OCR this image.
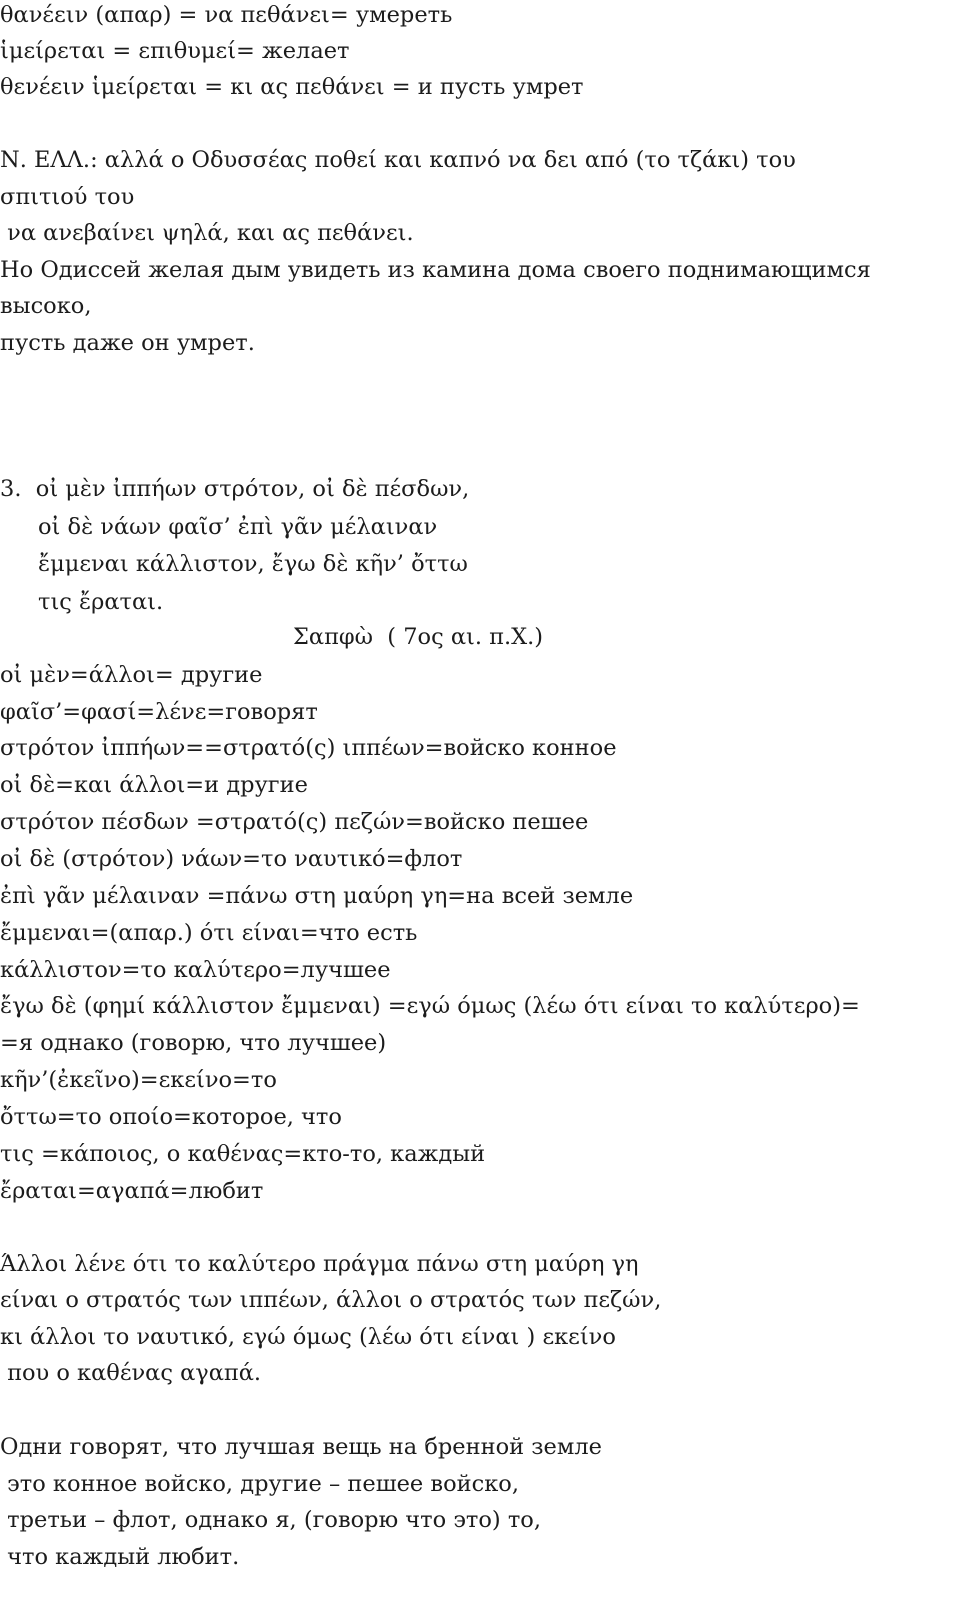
θανέειν (απαρ) = να πεθάνει= умереть
ἱμείρεται = επιθυμεί= желает
θενέειν ἱμείρεται = κι ας πεθάνει = и пусть умрет
Ν. ΕΛΛ.: αλλά ο Οδυσσέας ποθεί και καπνό να δει από (το τζάκι) του
σπιτιού του
να ανεβαίνει ψηλά, και ας πεθάνει.
Но Одиссей желая дым увидеть из камина дома своего поднимающимся
высоко,
пусть даже он умрет.
3.  οἰ μὲν ἰππήων στρότον, οἰ δὲ πέσδων,
οἰ δὲ νάων φαῖσ’ ἐπὶ γᾶν μέλαιναν
ἔμμεναι κάλλιστον, ἔγω δὲ κῆν’ ὄττω
τις ἔραται.
Σαπφὼ  ( 7ος αι. π.Χ.)
οἰ μὲν=άλλοι= другие
φαῖσ’=φασί=λένε=говорят
στρότον ἰππήων==στρατό(ς) ιππέων=войско конное
οἰ δὲ=και άλλοι=и другие
στρότον πέσδων =στρατό(ς) πεζών=войско пешее
οἰ δὲ (στρότον) νάων=το ναυτικό=флот
ἐπὶ γᾶν μέλαιναν =πάνω στη μαύρη γη=на всей земле
ἔμμεναι=(απαρ.) ότι είναι=что есть
κάλλιστον=το καλύτερο=лучшее
ἔγω δὲ (φημί κάλλιστον ἔμμεναι) =εγώ όμως (λέω ότι είναι το καλύτερο)=
=я однако (говорю, что лучшее)
κῆν’(ἐκεῖνο)=εκείνο=то
ὄττω=το οποίο=которое, что
τις =κάποιος, ο καθένας=кто-то, каждый
ἔραται=αγαπά=любит
Άλλοι λένε ότι το καλύτερο πράγμα πάνω στη μαύρη γη
είναι ο στρατός των ιππέων, άλλοι ο στρατός των πεζών,
κι άλλοι το ναυτικό, εγώ όμως (λέω ότι είναι ) εκείνο
που ο καθένας αγαπά.
Одни говорят, что лучшая вещь на бренной земле
это конное войско, другие – пешее войско,
третьи – флот, однако я, (говорю что это) то,
что каждый любит.
